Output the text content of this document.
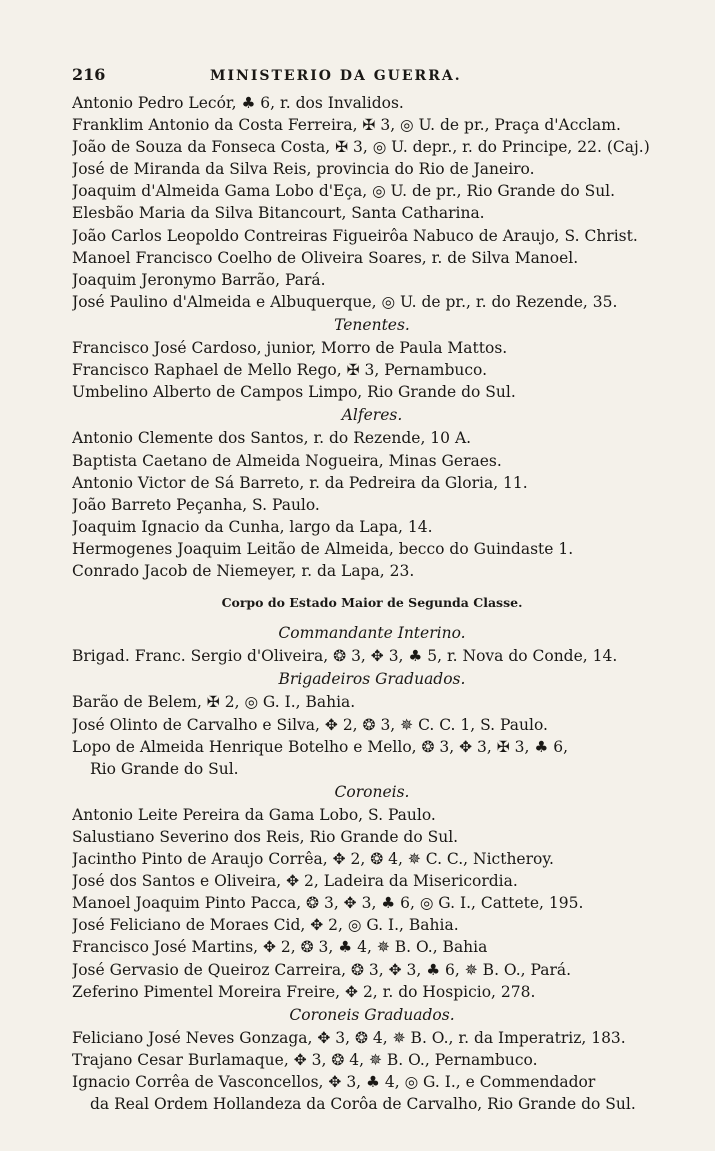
216	MINISTERIO DA GUERRA.
Antonio Pedro Lecór, ♣ 6, r. dos Invalidos.
Franklim Antonio da Costa Ferreira, ✠ 3, ◎ U. de pr., Praça d'Acclam.
João de Souza da Fonseca Costa, ✠ 3, ◎ U. depr., r. do Principe, 22. (Caj.)
José de Miranda da Silva Reis, provincia do Rio de Janeiro.
Joaquim d'Almeida Gama Lobo d'Eça, ◎ U. de pr., Rio Grande do Sul.
Elesbão Maria da Silva Bitancourt, Santa Catharina.
João Carlos Leopoldo Contreiras Figueirôa Nabuco de Araujo, S. Christ.
Manoel Francisco Coelho de Oliveira Soares, r. de Silva Manoel.
Joaquim Jeronymo Barrão, Pará.
José Paulino d'Almeida e Albuquerque, ◎ U. de pr., r. do Rezende, 35.
Tenentes.
Francisco José Cardoso, junior, Morro de Paula Mattos.
Francisco Raphael de Mello Rego, ✠ 3, Pernambuco.
Umbelino Alberto de Campos Limpo, Rio Grande do Sul.
Alferes.
Antonio Clemente dos Santos, r. do Rezende, 10 A.
Baptista Caetano de Almeida Nogueira, Minas Geraes.
Antonio Victor de Sá Barreto, r. da Pedreira da Gloria, 11.
João Barreto Peçanha, S. Paulo.
Joaquim Ignacio da Cunha, largo da Lapa, 14.
Hermogenes Joaquim Leitão de Almeida, becco do Guindaste 1.
Conrado Jacob de Niemeyer, r. da Lapa, 23.
Corpo do Estado Maior de Segunda Classe.
Commandante Interino.
Brigad. Franc. Sergio d'Oliveira, ❂ 3, ✥ 3, ♣ 5, r. Nova do Conde, 14.
Brigadeiros Graduados.
Barão de Belem, ✠ 2, ◎ G. I., Bahia.
José Olinto de Carvalho e Silva, ✥ 2, ❂ 3, ✵ C. C. 1, S. Paulo.
Lopo de Almeida Henrique Botelho e Mello, ❂ 3, ✥ 3, ✠ 3, ♣ 6,
Rio Grande do Sul.
Coroneis.
Antonio Leite Pereira da Gama Lobo, S. Paulo.
Salustiano Severino dos Reis, Rio Grande do Sul.
Jacintho Pinto de Araujo Corrêa, ✥ 2, ❂ 4, ✵ C. C., Nictheroy.
José dos Santos e Oliveira, ✥ 2, Ladeira da Misericordia.
Manoel Joaquim Pinto Pacca, ❂ 3, ✥ 3, ♣ 6, ◎ G. I., Cattete, 195.
José Feliciano de Moraes Cid, ✥ 2, ◎ G. I., Bahia.
Francisco José Martins, ✥ 2, ❂ 3, ♣ 4, ✵ B. O., Bahia
José Gervasio de Queiroz Carreira, ❂ 3, ✥ 3, ♣ 6, ✵ B. O., Pará.
Zeferino Pimentel Moreira Freire, ✥ 2, r. do Hospicio, 278.
Coroneis Graduados.
Feliciano José Neves Gonzaga, ✥ 3, ❂ 4, ✵ B. O., r. da Imperatriz, 183.
Trajano Cesar Burlamaque, ✥ 3, ❂ 4, ✵ B. O., Pernambuco.
Ignacio Corrêa de Vasconcellos, ✥ 3, ♣ 4, ◎ G. I., e Commendador
da Real Ordem Hollandeza da Corôa de Carvalho, Rio Grande do Sul.
